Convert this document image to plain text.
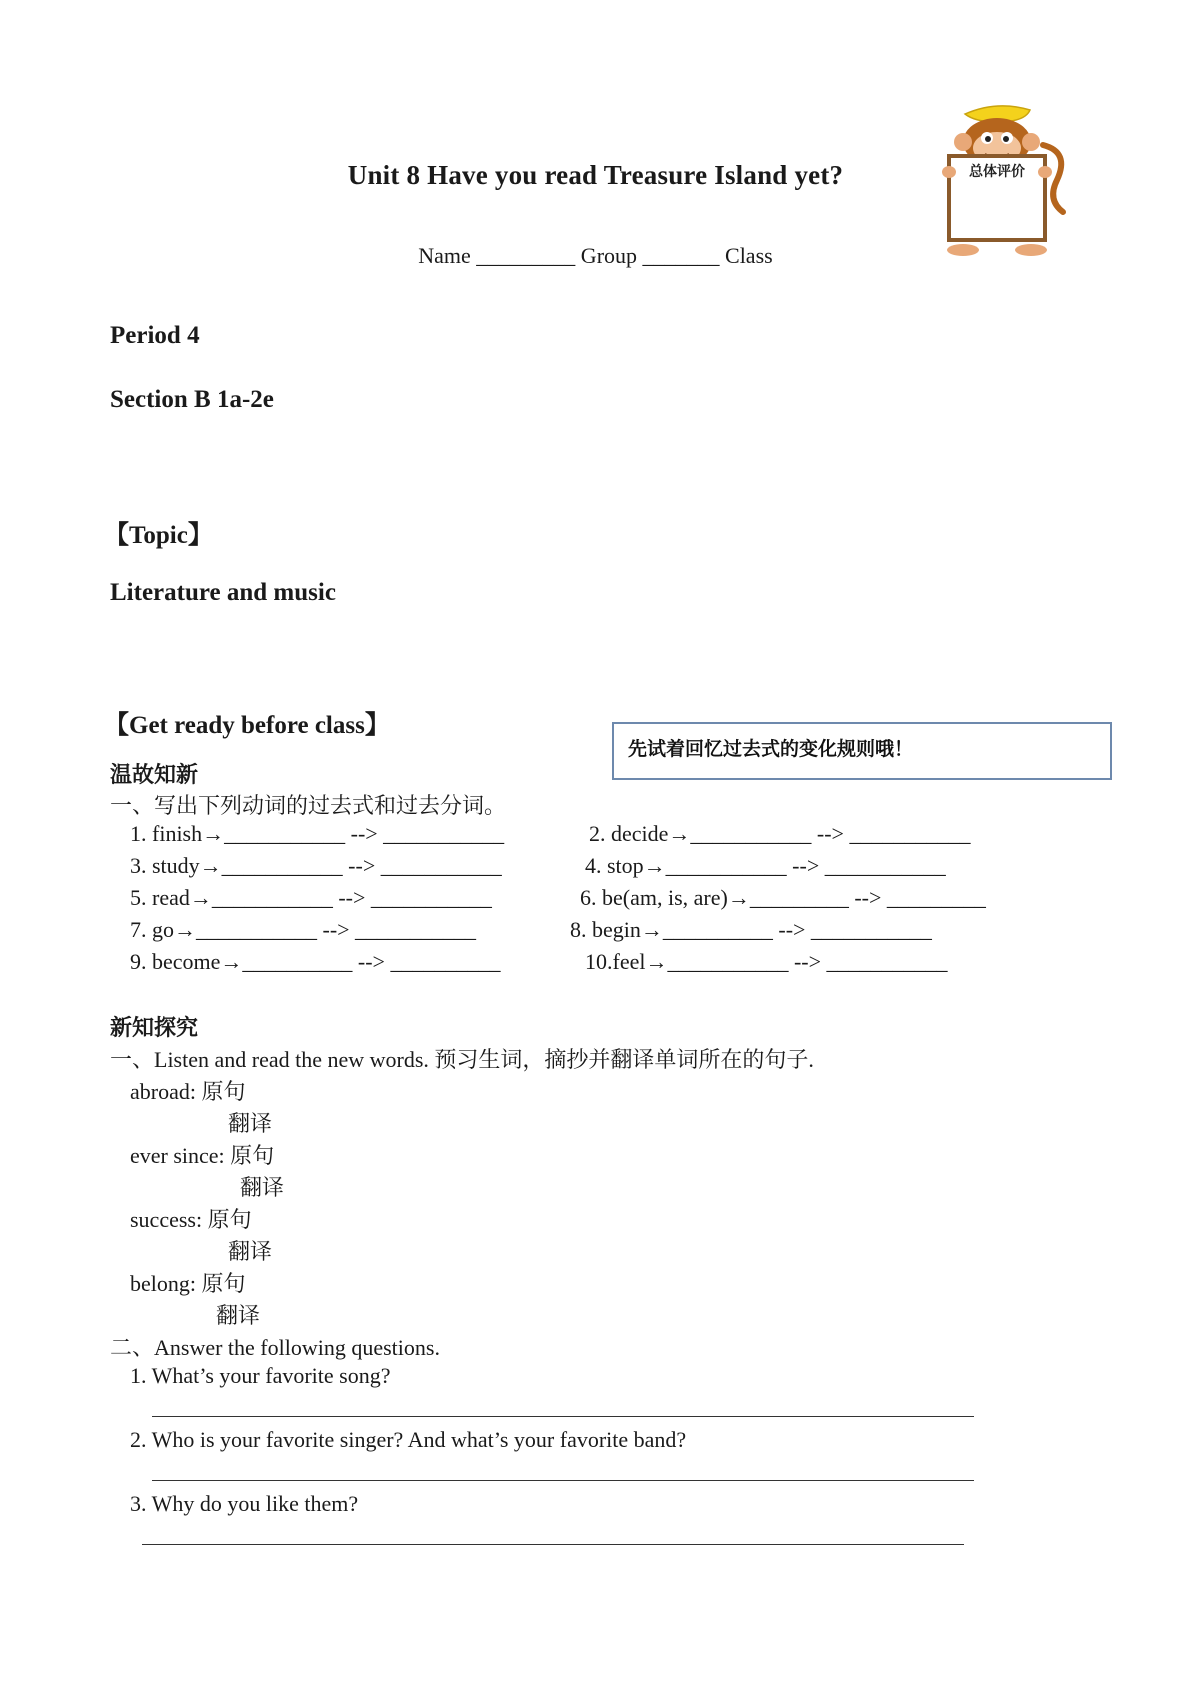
Unit 8 Have you read Treasure Island yet?
Name _________ Group _______ Class
总体评价
Period 4
Section B 1a-2e
【Topic】
Literature and music
【Get ready before class】
先试着回忆过去式的变化规则哦！
温故知新
一、写出下列动词的过去式和过去分词。
1. finish→___________ --> ___________
3. study→___________ --> ___________
5. read→___________ --> ___________
7. go→___________ --> ___________
9. become→__________ --> __________
2. decide→___________ --> ___________
4. stop→___________ --> ___________
6. be(am, is, are)→_________ --> _________
8. begin→__________ --> ___________
10.feel→___________ --> ___________
新知探究
一、Listen and read the new words. 预习生词，摘抄并翻译单词所在的句子.
abroad: 原句
翻译
ever since: 原句
翻译
success: 原句
翻译
belong: 原句
翻译
二、Answer the following questions.
1. What’s your favorite song?
2. Who is your favorite singer? And what’s your favorite band?
3. Why do you like them?
